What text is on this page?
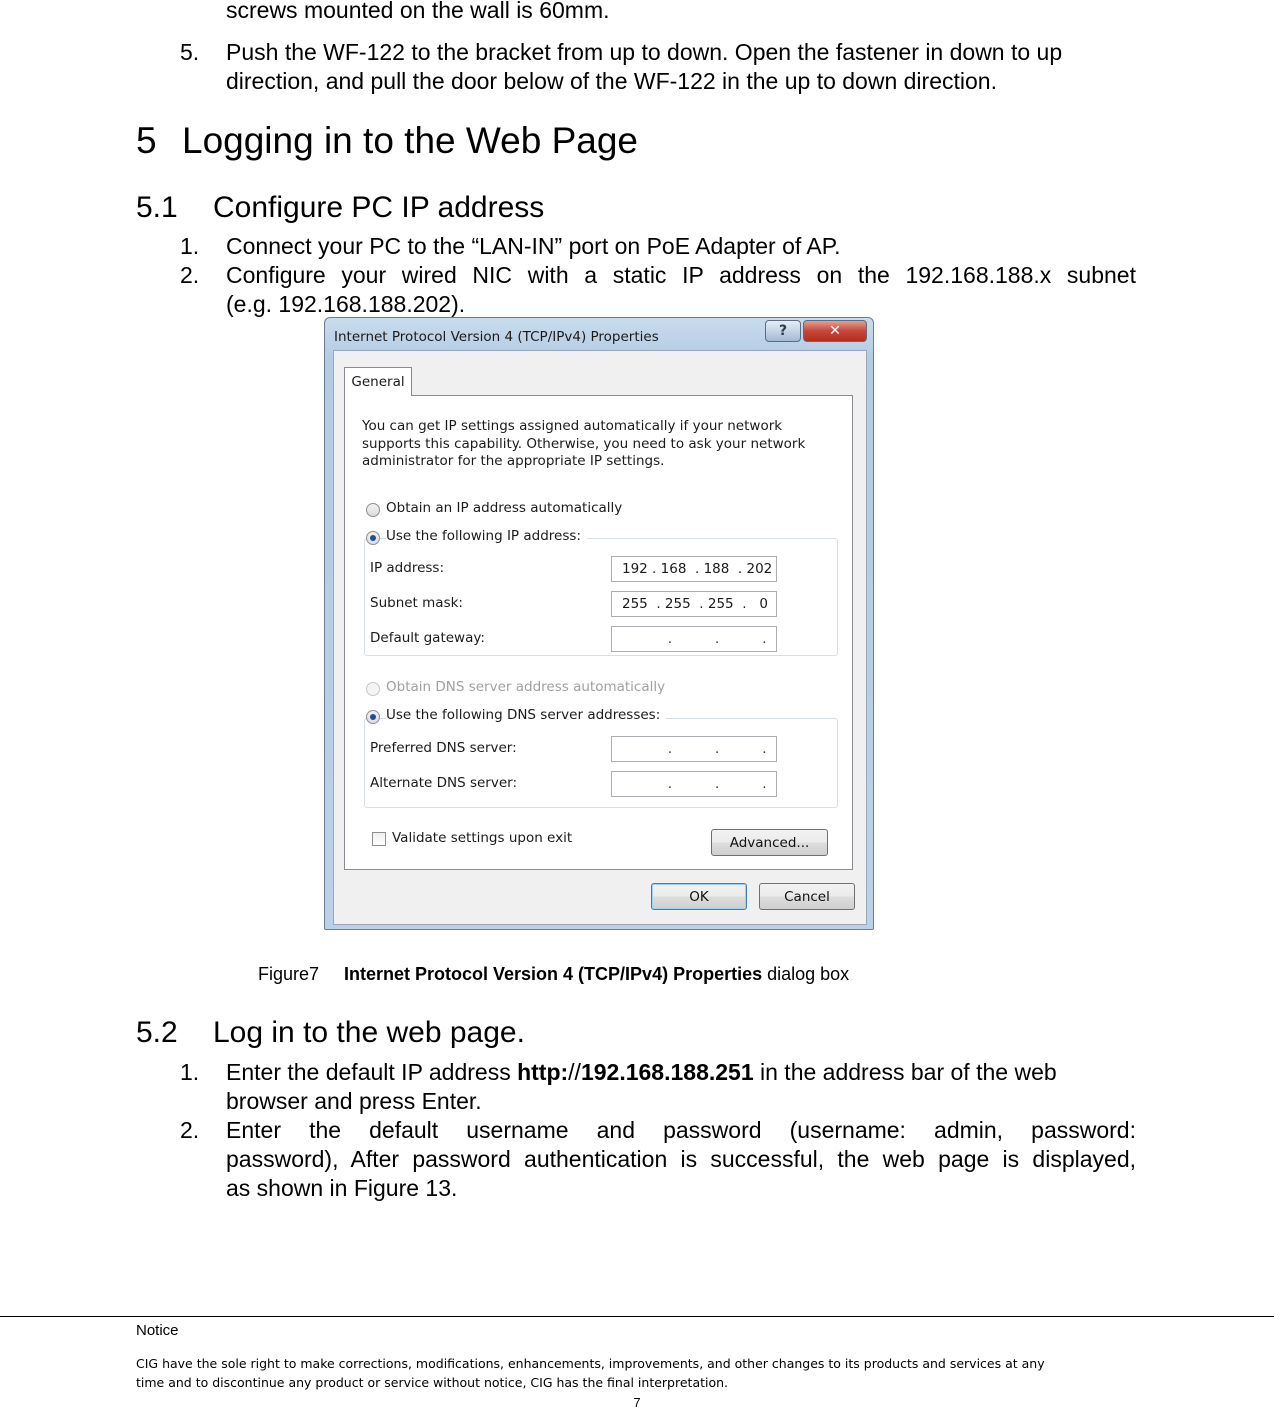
screws mounted on the wall is 60mm.
5. Push the WF-122 to the bracket from up to down. Open the fastener in down to up direction, and pull the door below of the WF-122 in the up to down direction.
5 Logging in to the Web Page
5.1 Configure PC IP address
1. Connect your PC to the “LAN-IN” port on PoE Adapter of AP.
2. Configure your wired NIC with a static IP address on the 192.168.188.x subnet
(e.g. 192.168.188.202).
Internet Protocol Version 4 (TCP/IPv4) Properties	?	✕
General
You can get IP settings assigned automatically if your network supports this capability. Otherwise, you need to ask your network administrator for the appropriate IP settings.
Obtain an IP address automatically
Use the following IP address:
IP address:	192 . 168  . 188  . 202
Subnet mask:	255  . 255  . 255  .   0
Default gateway:	.          .          .
Obtain DNS server address automatically
Use the following DNS server addresses:
Preferred DNS server:	.          .          .
Alternate DNS server:	.          .          .
Validate settings upon exit	Advanced...
OK	Cancel
Figure7 Internet Protocol Version 4 (TCP/IPv4) Properties dialog box
5.2 Log in to the web page.
1. Enter the default IP address http://192.168.188.251 in the address bar of the web
browser and press Enter.
2. Enter the default username and password (username: admin, password:
password), After password authentication is successful, the web page is displayed,
as shown in Figure 13.
Notice
CIG have the sole right to make corrections, modifications, enhancements, improvements, and other changes to its products and services at any
time and to discontinue any product or service without notice, CIG has the final interpretation.
7
